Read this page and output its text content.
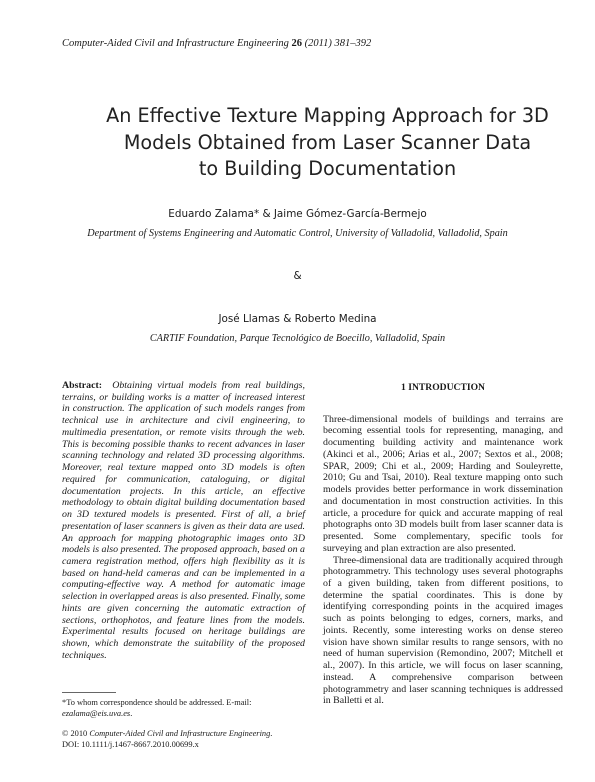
Computer-Aided Civil and Infrastructure Engineering 26 (2011) 381–392
An Effective Texture Mapping Approach for 3D
Models Obtained from Laser Scanner Data
to Building Documentation
Eduardo Zalama* & Jaime Gómez-García-Bermejo
Department of Systems Engineering and Automatic Control, University of Valladolid, Valladolid, Spain
&
José Llamas & Roberto Medina
CARTIF Foundation, Parque Tecnológico de Boecillo, Valladolid, Spain

Abstract: Obtaining virtual models from real buildings, terrains, or building works is a matter of increased interest in construction. The application of such models ranges from technical use in architecture and civil engineering, to multimedia presentation, or remote visits through the web. This is becoming possible thanks to recent advances in laser scanning technology and related 3D processing algorithms. Moreover, real texture mapped onto 3D models is often required for communication, cataloguing, or digital documentation projects. In this article, an effective methodology to obtain digital building documentation based on 3D textured models is presented. First of all, a brief presentation of laser scanners is given as their data are used. An approach for mapping photographic images onto 3D models is also presented. The proposed approach, based on a camera registration method, offers high flexibility as it is based on hand-held cameras and can be implemented in a computing-effective way. A method for automatic image selection in overlapped areas is also presented. Finally, some hints are given concerning the automatic extraction of sections, orthophotos, and feature lines from the models. Experimental results focused on heritage buildings are shown, which demonstrate the suitability of the proposed techniques.

*To whom correspondence should be addressed. E-mail: ezalama@eis.uva.es.
© 2010 Computer-Aided Civil and Infrastructure Engineering.
DOI: 10.1111/j.1467-8667.2010.00699.x
1 INTRODUCTION

Three-dimensional models of buildings and terrains are becoming essential tools for representing, managing, and documenting building activity and maintenance work (Akinci et al., 2006; Arias et al., 2007; Sextos et al., 2008; SPAR, 2009; Chi et al., 2009; Harding and Souleyrette, 2010; Gu and Tsai, 2010). Real texture mapping onto such models provides better performance in work dissemination and documentation in most construction activities. In this article, a procedure for quick and accurate mapping of real photographs onto 3D models built from laser scanner data is presented. Some complementary, specific tools for surveying and plan extraction are also presented.

Three-dimensional data are traditionally acquired through photogrammetry. This technology uses several photographs of a given building, taken from different positions, to determine the spatial coordinates. This is done by identifying corresponding points in the acquired images such as points belonging to edges, corners, marks, and joints. Recently, some interesting works on dense stereo vision have shown similar results to range sensors, with no need of human supervision (Remondino, 2007; Mitchell et al., 2007). In this article, we will focus on laser scanning, instead. A comprehensive comparison between photogrammetry and laser scanning techniques is addressed in Balletti et al.
